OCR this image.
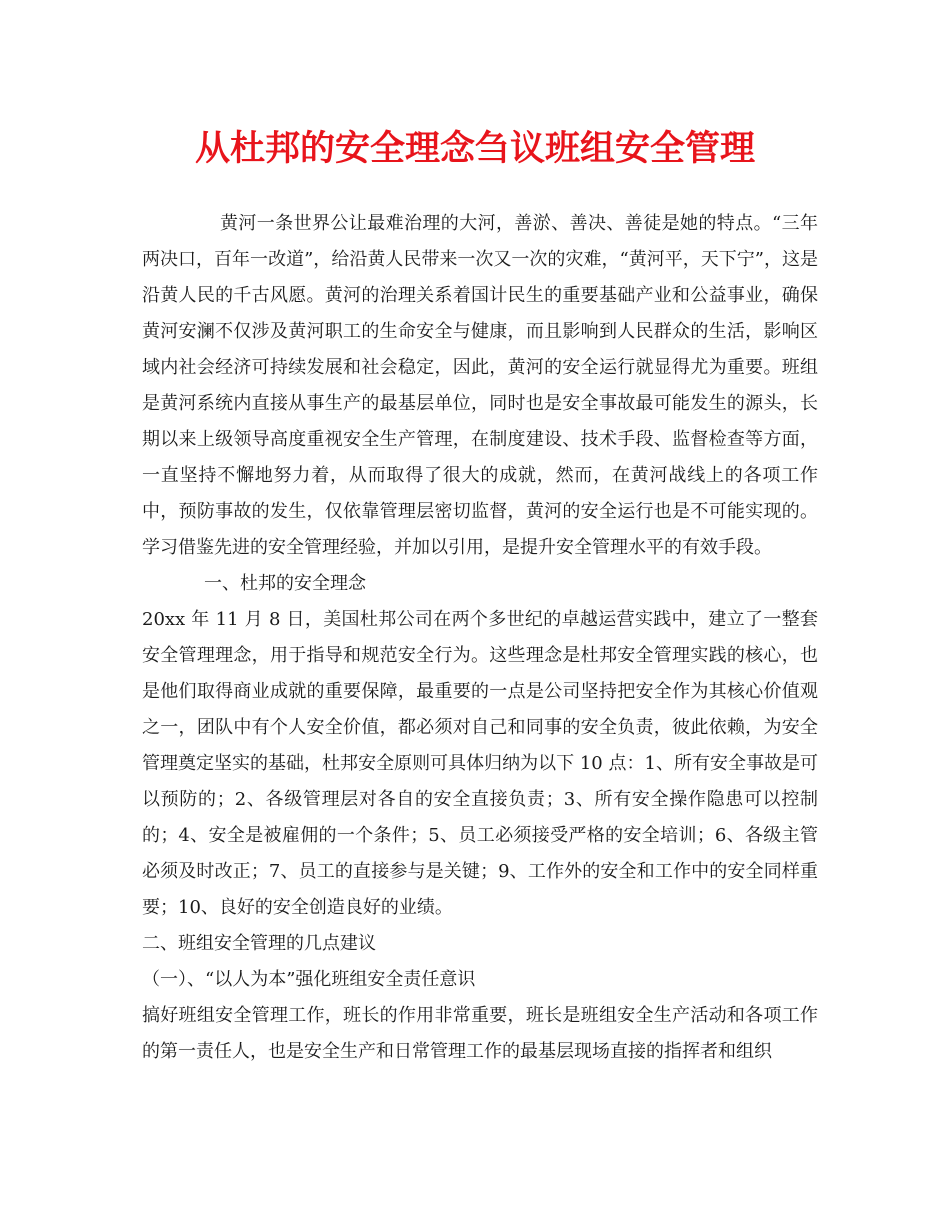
从杜邦的安全理念刍议班组安全管理

黄河一条世界公让最难治理的大河，善淤、善决、善徒是她的特点。“三年两决口，百年一改道”，给沿黄人民带来一次又一次的灾难，“黄河平，天下宁”，这是沿黄人民的千古风愿。黄河的治理关系着国计民生的重要基础产业和公益事业，确保黄河安澜不仅涉及黄河职工的生命安全与健康，而且影响到人民群众的生活，影响区域内社会经济可持续发展和社会稳定，因此，黄河的安全运行就显得尤为重要。班组是黄河系统内直接从事生产的最基层单位，同时也是安全事故最可能发生的源头，长期以来上级领导高度重视安全生产管理，在制度建设、技术手段、监督检查等方面，一直坚持不懈地努力着，从而取得了很大的成就，然而，在黄河战线上的各项工作中，预防事故的发生，仅依靠管理层密切监督，黄河的安全运行也是不可能实现的。学习借鉴先进的安全管理经验，并加以引用，是提升安全管理水平的有效手段。

一、杜邦的安全理念

20xx 年 11 月 8 日，美国杜邦公司在两个多世纪的卓越运营实践中，建立了一整套安全管理理念，用于指导和规范安全行为。这些理念是杜邦安全管理实践的核心，也是他们取得商业成就的重要保障，最重要的一点是公司坚持把安全作为其核心价值观之一，团队中有个人安全价值，都必须对自己和同事的安全负责，彼此依赖，为安全管理奠定坚实的基础，杜邦安全原则可具体归纳为以下 10 点：1、所有安全事故是可以预防的；2、各级管理层对各自的安全直接负责；3、所有安全操作隐患可以控制的；4、安全是被雇佣的一个条件；5、员工必须接受严格的安全培训；6、各级主管必须及时改正；7、员工的直接参与是关键；9、工作外的安全和工作中的安全同样重要；10、良好的安全创造良好的业绩。

二、班组安全管理的几点建议

（一）、“以人为本”强化班组安全责任意识

搞好班组安全管理工作，班长的作用非常重要，班长是班组安全生产活动和各项工作的第一责任人，也是安全生产和日常管理工作的最基层现场直接的指挥者和组织
